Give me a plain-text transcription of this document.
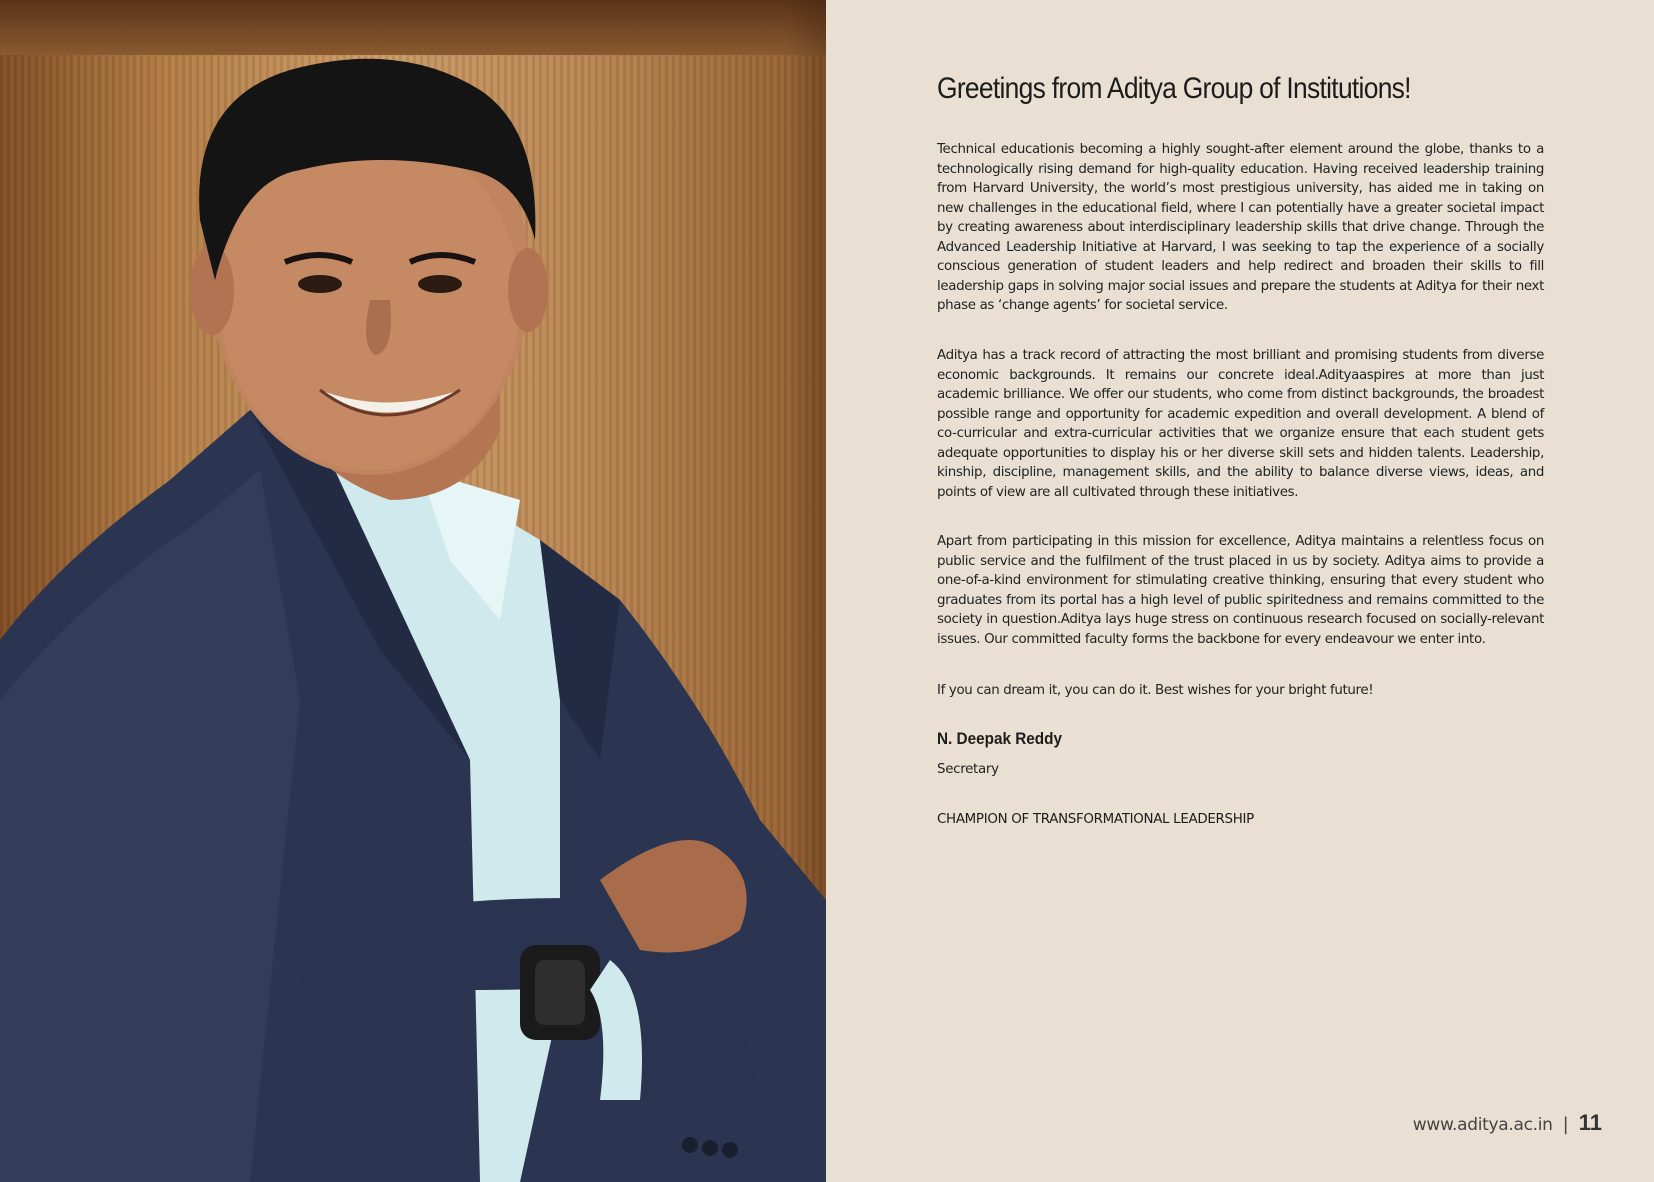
Greetings from Aditya Group of Institutions!

Technical educationis becoming a highly sought-after element around the globe, thanks to a technologically rising demand for high-quality education. Having received leadership training from Harvard University, the world’s most prestigious university, has aided me in taking on new challenges in the educational field, where I can potentially have a greater societal impact by creating awareness about interdisciplinary leadership skills that drive change. Through the Advanced Leadership Initiative at Harvard, I was seeking to tap the experience of a socially conscious generation of student leaders and help redirect and broaden their skills to fill leadership gaps in solving major social issues and prepare the students at Aditya for their next phase as ‘change agents’ for societal service.

Aditya has a track record of attracting the most brilliant and promising students from diverse economic backgrounds. It remains our concrete ideal.Adityaaspires at more than just academic brilliance. We offer our students, who come from distinct backgrounds, the broadest possible range and opportunity for academic expedition and overall development. A blend of co-curricular and extra-curricular activities that we organize ensure that each student gets adequate opportunities to display his or her diverse skill sets and hidden talents. Leadership, kinship, discipline, management skills, and the ability to balance diverse views, ideas, and points of view are all cultivated through these initiatives.

Apart from participating in this mission for excellence, Aditya maintains a relentless focus on public service and the fulfilment of the trust placed in us by society. Aditya aims to provide a one-of-a-kind environment for stimulating creative thinking, ensuring that every student who graduates from its portal has a high level of public spiritedness and remains committed to the society in question.Aditya lays huge stress on continuous research focused on socially-relevant issues. Our committed faculty forms the backbone for every endeavour we enter into.

If you can dream it, you can do it. Best wishes for your bright future!

N. Deepak Reddy
Secretary
CHAMPION OF TRANSFORMATIONAL LEADERSHIP
www.aditya.ac.in | 11
